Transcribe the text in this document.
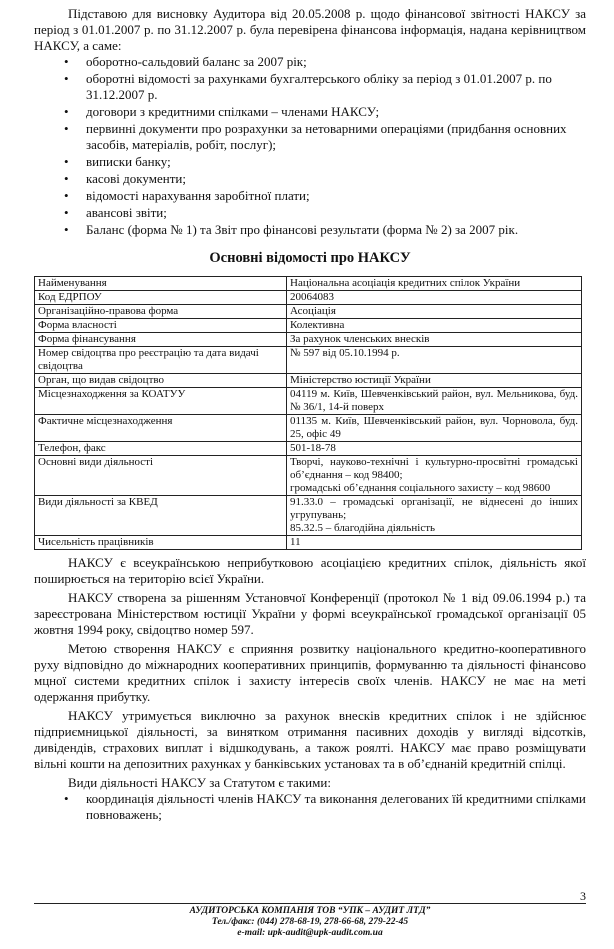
Підставою для висновку Аудитора від 20.05.2008 р. щодо фінансової звітності НАКСУ за період з 01.01.2007 р. по 31.12.2007 р. була перевірена фінансова інформація, надана керівництвом НАКСУ, а саме:

• оборотно-сальдовий баланс за 2007 рік;
• оборотні відомості за рахунками бухгалтерського обліку за період з 01.01.2007 р. по 31.12.2007 р.
• договори з кредитними спілками – членами НАКСУ;
• первинні документи про розрахунки за нетоварними операціями (придбання основних засобів, матеріалів, робіт, послуг);
• виписки банку;
• касові документи;
• відомості нарахування заробітної плати;
• авансові звіти;
• Баланс (форма № 1) та Звіт про фінансові результати (форма № 2) за 2007 рік.
Основні відомості про НАКСУ
Найменування	Національна асоціація кредитних спілок України
Код ЕДРПОУ	20064083
Організаційно-правова форма	Асоціація
Форма власності	Колективна
Форма фінансування	За рахунок членських внесків
Номер свідоцтва про реєстрацію та дата видачі свідоцтва	№ 597 від 05.10.1994 р.
Орган, що видав свідоцтво	Міністерство юстиції України
Місцезнаходження за КОАТУУ	04119 м. Київ, Шевченківський район, вул. Мельникова, буд. № 36/1, 14-й поверх
Фактичне місцезнаходження	01135 м. Київ, Шевченківський район, вул. Чорновола, буд. 25, офіс 49
Телефон, факс	501-18-78
Основні види діяльності	Творчі, науково-технічні і культурно-просвітні громадські об’єднання – код 98400;
громадські об’єднання соціального захисту – код 98600

Види діяльності за КВЕД	91.33.0 – громадські організації, не віднесені до інших угрупувань;
85.32.5 – благодійна діяльність

Чисельність працівників	11

НАКСУ є всеукраїнською неприбутковою асоціацією кредитних спілок, діяльність якої поширюється на територію всієї України.

НАКСУ створена за рішенням Установчої Конференції (протокол № 1 від 09.06.1994 р.) та зареєстрована Міністерством юстиції України у формі всеукраїнської громадської організації 05 жовтня 1994 року, свідоцтво номер 597.

Метою створення НАКСУ є сприяння розвитку національного кредитно-кооперативного руху відповідно до міжнародних кооперативних принципів, формуванню та діяльності фінансово мцної системи кредитних спілок і захисту інтересів своїх членів. НАКСУ не має на меті одержання прибутку.

НАКСУ утримується виключно за рахунок внесків кредитних спілок і не здійснює підприємницької діяльності, за винятком отримання пасивних доходів у вигляді відсотків, дивідендів, страхових виплат і відшкодувань, а також роялті. НАКСУ має право розміщувати вільні кошти на депозитних рахунках у банківських установах та в об’єднаній кредитній спілці.

Види діяльності НАКСУ за Статутом є такими:

• координація діяльності членів НАКСУ та виконання делегованих їй кредитними спілками повноважень;
3
АУДИТОРСЬКА КОМПАНІЯ ТОВ “УПК – АУДИТ ЛТД”
Тел./факс: (044) 278-68-19, 278-66-68, 279-22-45
e-mail: upk-audit@upk-audit.com.ua
